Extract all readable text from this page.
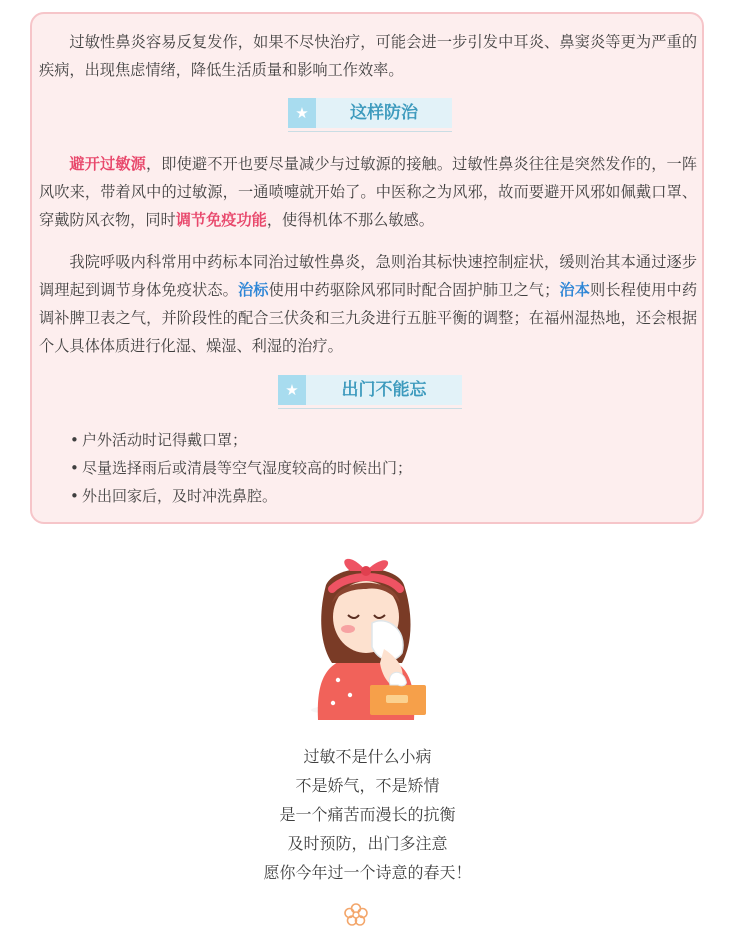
过敏性鼻炎容易反复发作，如果不尽快治疗，可能会进一步引发中耳炎、鼻窦炎等更为严重的疾病，出现焦虑情绪，降低生活质量和影响工作效率。

★	这样防治

避开过敏源，即使避不开也要尽量减少与过敏源的接触。过敏性鼻炎往往是突然发作的，一阵风吹来，带着风中的过敏源，一通喷嚏就开始了。中医称之为风邪，故而要避开风邪如佩戴口罩、穿戴防风衣物，同时调节免疫功能，使得机体不那么敏感。

我院呼吸内科常用中药标本同治过敏性鼻炎，急则治其标快速控制症状，缓则治其本通过逐步调理起到调节身体免疫状态。治标使用中药驱除风邪同时配合固护肺卫之气；治本则长程使用中药调补脾卫表之气，并阶段性的配合三伏灸和三九灸进行五脏平衡的调整；在福州湿热地，还会根据个人具体体质进行化湿、燥湿、利湿的治疗。

★	出门不能忘
• 户外活动时记得戴口罩；
• 尽量选择雨后或清晨等空气湿度较高的时候出门；
• 外出回家后，及时冲洗鼻腔。
过敏不是什么小病
不是娇气，不是矫情
是一个痛苦而漫长的抗衡
及时预防，出门多注意
愿你今年过一个诗意的春天！
